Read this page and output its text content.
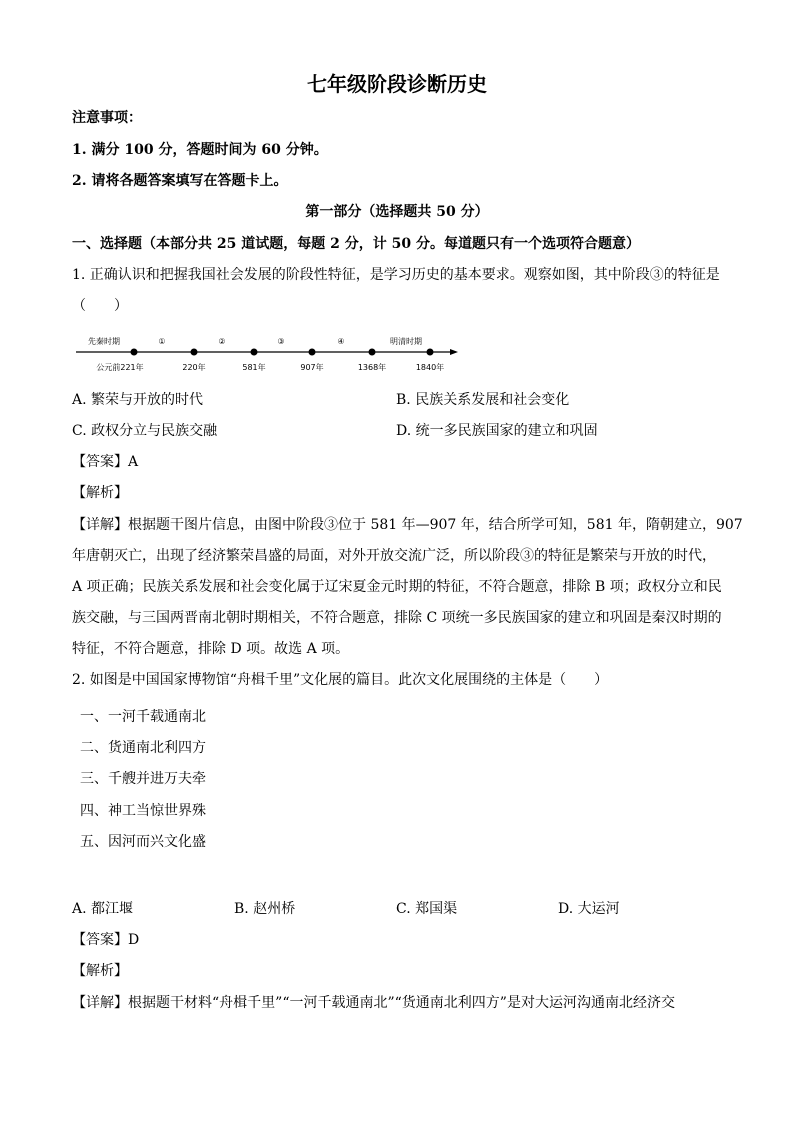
七年级阶段诊断历史
注意事项：
1. 满分 100 分，答题时间为 60 分钟。
2. 请将各题答案填写在答题卡上。
第一部分（选择题共 50 分）
一、选择题（本部分共 25 道试题，每题 2 分，计 50 分。每道题只有一个选项符合题意）
1. 正确认识和把握我国社会发展的阶段性特征，是学习历史的基本要求。观察如图，其中阶段③的特征是
（　　）
先秦时期	①	②	③	④	明清时期
公元前221年	220年	581年	907年	1368年	1840年
A. 繁荣与开放的时代	B. 民族关系发展和社会变化
C. 政权分立与民族交融	D. 统一多民族国家的建立和巩固
【答案】A
【解析】
【详解】根据题干图片信息，由图中阶段③位于 581 年—907 年，结合所学可知，581 年，隋朝建立，907
年唐朝灭亡，出现了经济繁荣昌盛的局面，对外开放交流广泛，所以阶段③的特征是繁荣与开放的时代，
A 项正确；民族关系发展和社会变化属于辽宋夏金元时期的特征，不符合题意，排除 B 项；政权分立和民
族交融，与三国两晋南北朝时期相关，不符合题意，排除 C 项统一多民族国家的建立和巩固是秦汉时期的
特征，不符合题意，排除 D 项。故选 A 项。
2. 如图是中国国家博物馆“舟楫千里”文化展的篇目。此次文化展围绕的主体是（　　）
一、一河千载通南北
二、货通南北利四方
三、千艘并进万夫牵
四、神工当惊世界殊
五、因河而兴文化盛
A. 都江堰	B. 赵州桥	C. 郑国渠	D. 大运河
【答案】D
【解析】
【详解】根据题干材料“舟楫千里”“一河千载通南北”“货通南北利四方”是对大运河沟通南北经济交
